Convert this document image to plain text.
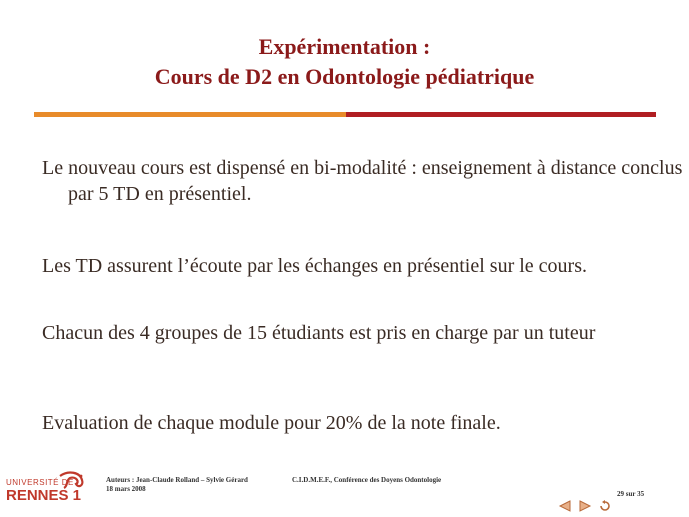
Expérimentation :
Cours de D2 en Odontologie pédiatrique
Le nouveau cours est dispensé en bi-modalité : enseignement à distance conclus par 5 TD en présentiel.
Les TD assurent l’écoute par les échanges en présentiel sur le cours.
Chacun des 4 groupes de 15 étudiants est pris en charge par un tuteur
Evaluation de chaque module pour 20% de la note finale.
UNIVERSITÉ DE
RENNES 1
Auteurs : Jean-Claude Rolland – Sylvie Gérard
18 mars 2008
C.I.D.M.E.F., Conférence des Doyens Odontologie
29 sur 35
